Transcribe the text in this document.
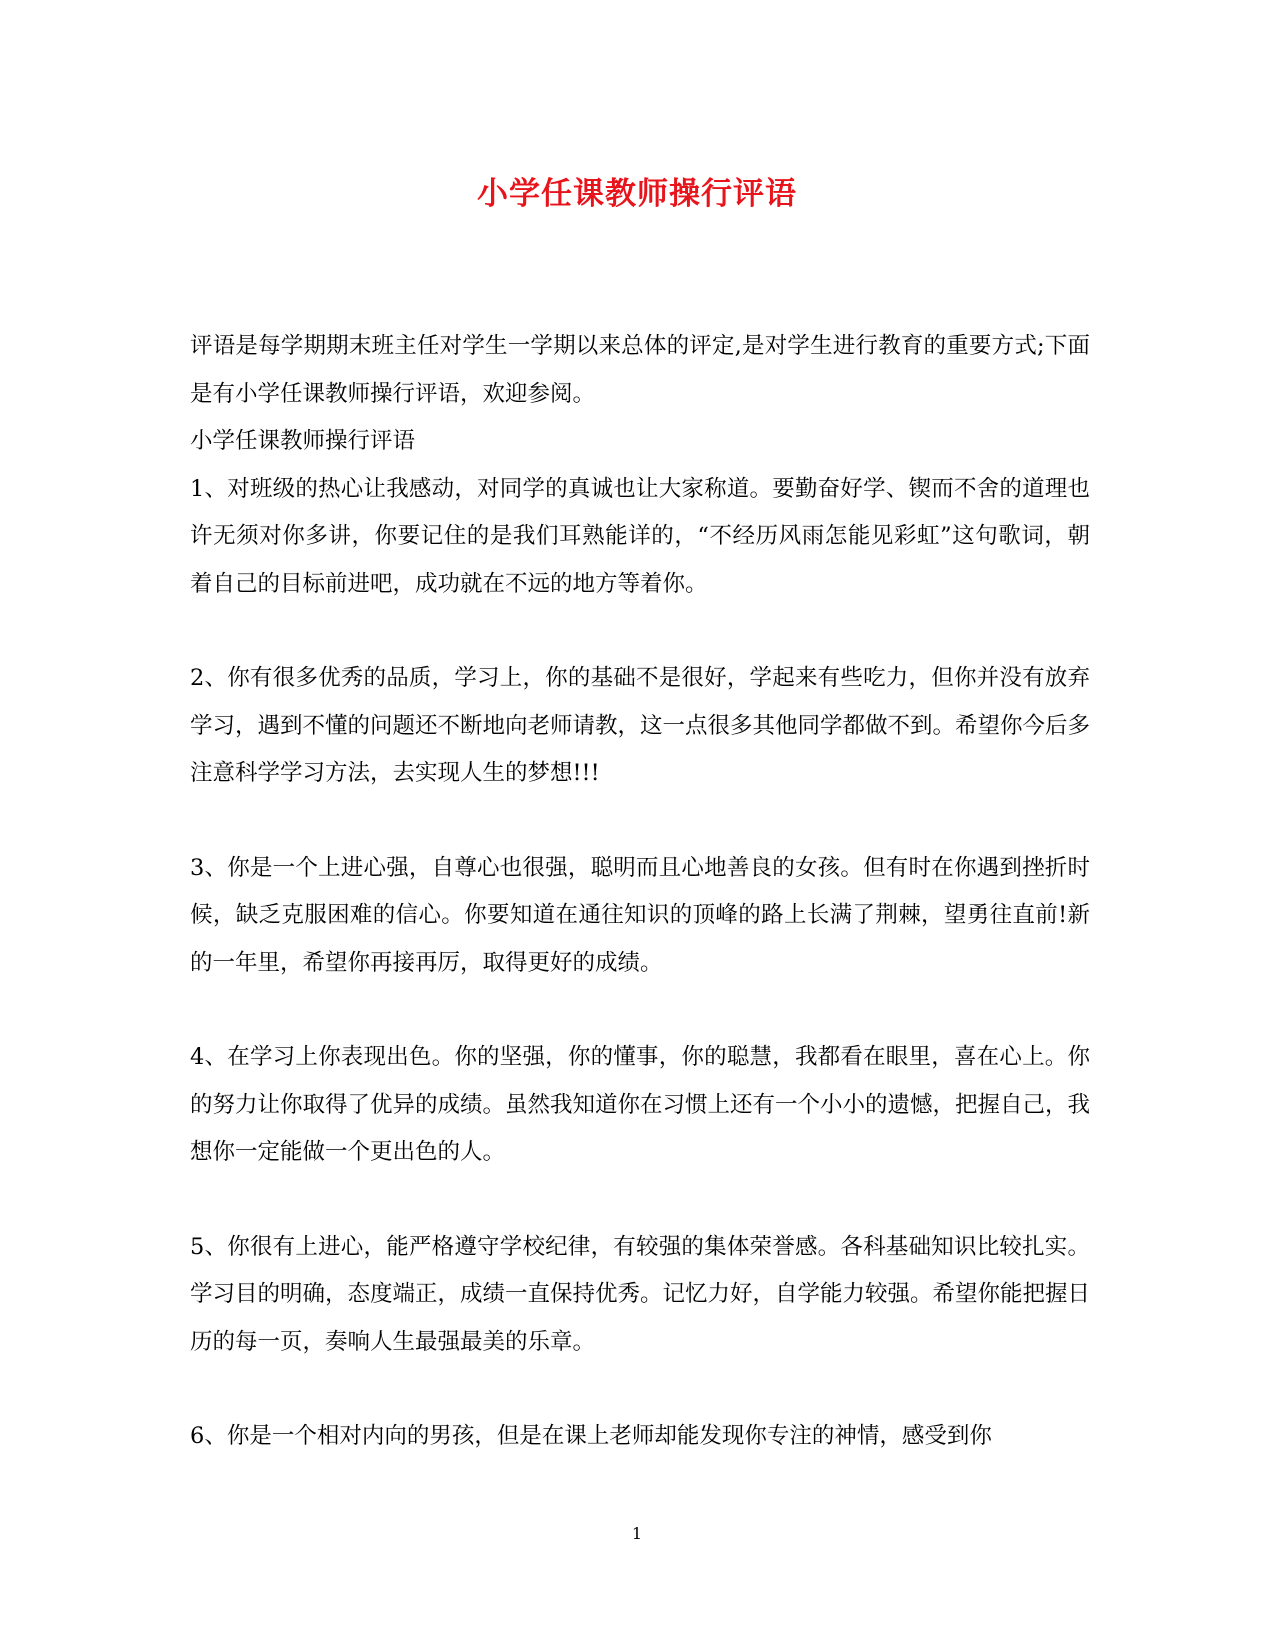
小学任课教师操行评语

评语是每学期期末班主任对学生一学期以来总体的评定,是对学生进行教育的重要方式;下面是有小学任课教师操行评语，欢迎参阅。

小学任课教师操行评语

1、对班级的热心让我感动，对同学的真诚也让大家称道。要勤奋好学、锲而不舍的道理也许无须对你多讲，你要记住的是我们耳熟能详的，“不经历风雨怎能见彩虹”这句歌词，朝着自己的目标前进吧，成功就在不远的地方等着你。

2、你有很多优秀的品质，学习上，你的基础不是很好，学起来有些吃力，但你并没有放弃学习，遇到不懂的问题还不断地向老师请教，这一点很多其他同学都做不到。希望你今后多注意科学学习方法，去实现人生的梦想!!!

3、你是一个上进心强，自尊心也很强，聪明而且心地善良的女孩。但有时在你遇到挫折时候，缺乏克服困难的信心。你要知道在通往知识的顶峰的路上长满了荆棘，望勇往直前!新的一年里，希望你再接再厉，取得更好的成绩。

4、在学习上你表现出色。你的坚强，你的懂事，你的聪慧，我都看在眼里，喜在心上。你的努力让你取得了优异的成绩。虽然我知道你在习惯上还有一个小小的遗憾，把握自己，我想你一定能做一个更出色的人。

5、你很有上进心，能严格遵守学校纪律，有较强的集体荣誉感。各科基础知识比较扎实。学习目的明确，态度端正，成绩一直保持优秀。记忆力好，自学能力较强。希望你能把握日历的每一页，奏响人生最强最美的乐章。

6、你是一个相对内向的男孩，但是在课上老师却能发现你专注的神情，感受到你

1
